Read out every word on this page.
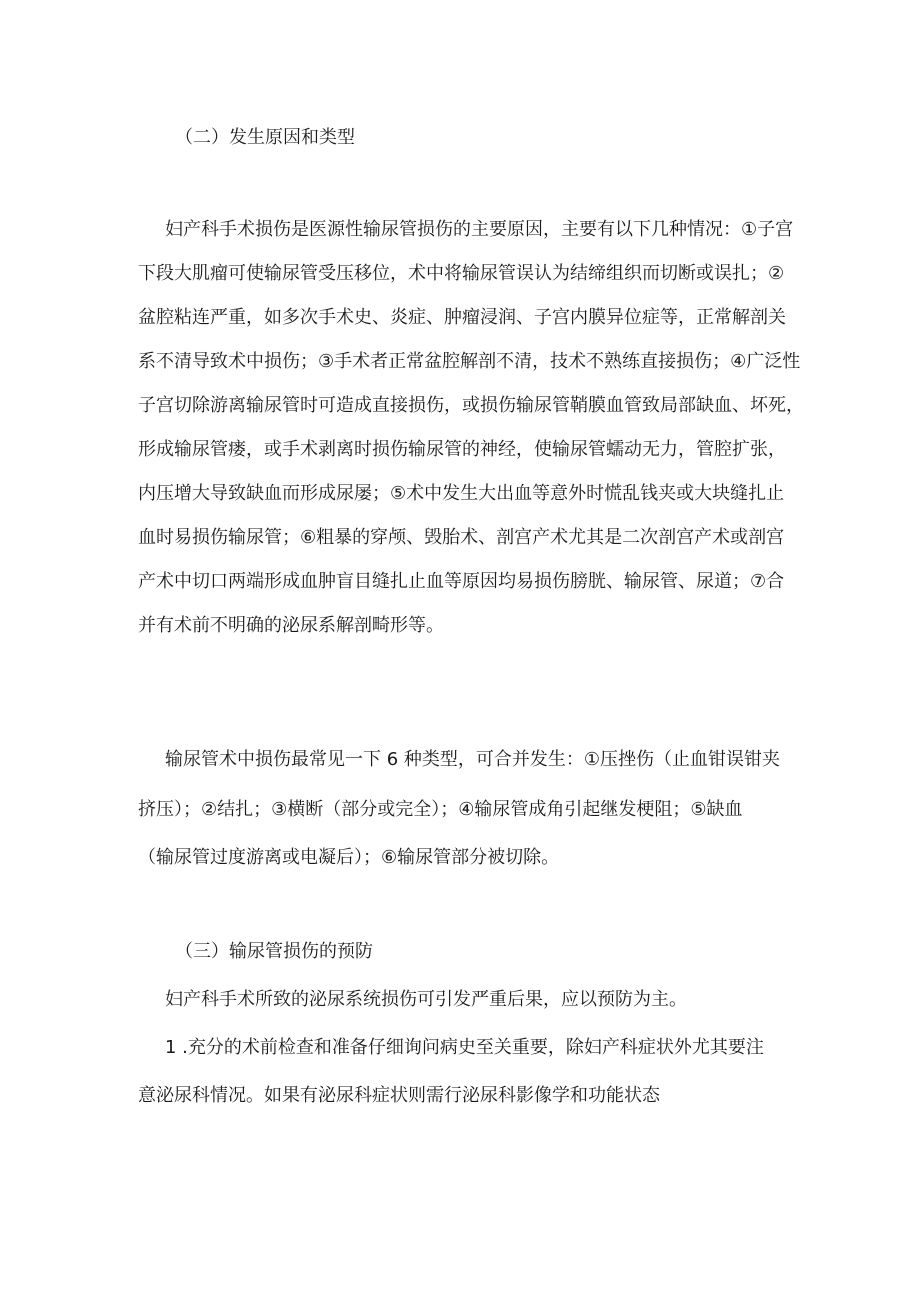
（二）发生原因和类型
妇产科手术损伤是医源性输尿管损伤的主要原因，主要有以下几种情况：①子宫
下段大肌瘤可使输尿管受压移位，术中将输尿管误认为结缔组织而切断或误扎；②
盆腔粘连严重，如多次手术史、炎症、肿瘤浸润、子宫内膜异位症等，正常解剖关
系不清导致术中损伤；③手术者正常盆腔解剖不清，技术不熟练直接损伤；④广泛性
子宫切除游离输尿管时可造成直接损伤，或损伤输尿管鞘膜血管致局部缺血、坏死，
形成输尿管瘘，或手术剥离时损伤输尿管的神经，使输尿管蠕动无力，管腔扩张，
内压增大导致缺血而形成尿屡；⑤术中发生大出血等意外时慌乱钱夹或大块缝扎止
血时易损伤输尿管；⑥粗暴的穿颅、毁胎术、剖宫产术尤其是二次剖宫产术或剖宫
产术中切口两端形成血肿盲目缝扎止血等原因均易损伤膀胱、输尿管、尿道；⑦合
并有术前不明确的泌尿系解剖畸形等。
输尿管术中损伤最常见一下 6 种类型，可合并发生：①压挫伤（止血钳误钳夹
挤压）；②结扎；③横断（部分或完全）；④输尿管成角引起继发梗阻；⑤缺血
（输尿管过度游离或电凝后）；⑥输尿管部分被切除。
（三）输尿管损伤的预防
妇产科手术所致的泌尿系统损伤可引发严重后果，应以预防为主。
1 .充分的术前检查和准备仔细询问病史至关重要，除妇产科症状外尤其要注
意泌尿科情况。如果有泌尿科症状则需行泌尿科影像学和功能状态
